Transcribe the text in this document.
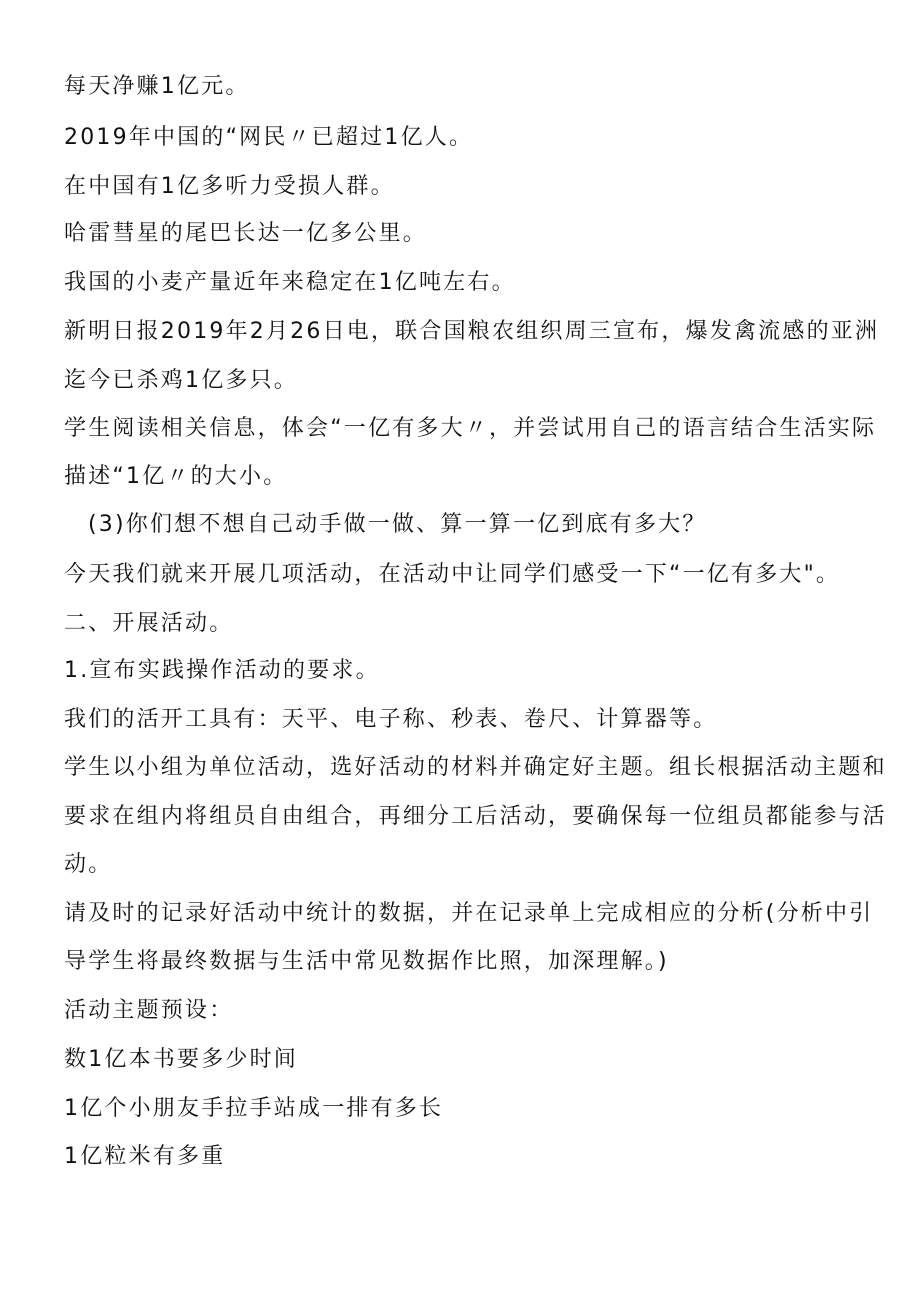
每天净赚1亿元。
2019年中国的“网民〃已超过1亿人。
在中国有1亿多听力受损人群。
哈雷彗星的尾巴长达一亿多公里。
我国的小麦产量近年来稳定在1亿吨左右。
新明日报2019年2月26日电，联合国粮农组织周三宣布，爆发禽流感的亚洲
迄今已杀鸡1亿多只。
学生阅读相关信息，体会“一亿有多大〃，并尝试用自己的语言结合生活实际
描述“1亿〃的大小。
(3)你们想不想自己动手做一做、算一算一亿到底有多大？
今天我们就来开展几项活动，在活动中让同学们感受一下“一亿有多大"。
二、开展活动。
1.宣布实践操作活动的要求。
我们的活开工具有：天平、电子称、秒表、卷尺、计算器等。
学生以小组为单位活动，选好活动的材料并确定好主题。组长根据活动主题和
要求在组内将组员自由组合，再细分工后活动，要确保每一位组员都能参与活
动。
请及时的记录好活动中统计的数据，并在记录单上完成相应的分析(分析中引
导学生将最终数据与生活中常见数据作比照，加深理解。)
活动主题预设：
数1亿本书要多少时间
1亿个小朋友手拉手站成一排有多长
1亿粒米有多重
